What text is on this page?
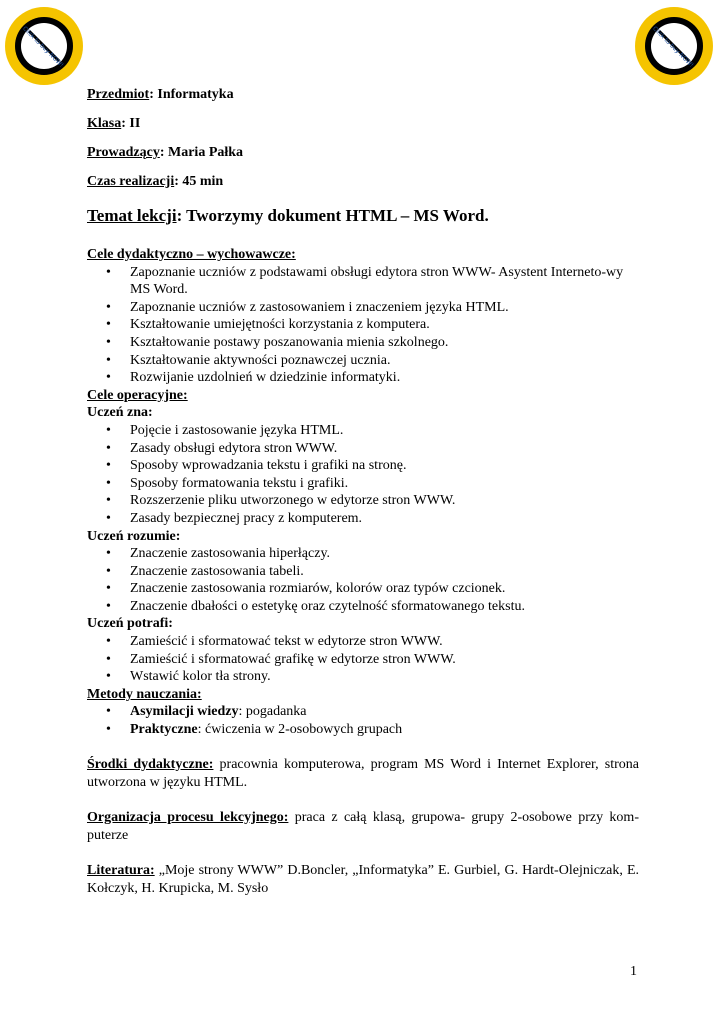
Click to buy NOW!	Click to buy NOW!
Przedmiot: Informatyka
Klasa: II
Prowadzący: Maria Pałka
Czas realizacji: 45 min
Temat lekcji: Tworzymy dokument HTML – MS Word.
Cele dydaktyczno – wychowawcze:
• Zapoznanie uczniów z podstawami obsługi edytora stron WWW- Asystent Interneto-wy MS Word.
• Zapoznanie uczniów z zastosowaniem i znaczeniem języka HTML.
• Kształtowanie umiejętności korzystania z komputera.
• Kształtowanie postawy poszanowania mienia szkolnego.
• Kształtowanie aktywności poznawczej ucznia.
• Rozwijanie uzdolnień w dziedzinie informatyki.
Cele operacyjne:
Uczeń zna:
• Pojęcie i zastosowanie języka HTML.
• Zasady obsługi edytora stron WWW.
• Sposoby wprowadzania tekstu i grafiki na stronę.
• Sposoby formatowania tekstu i grafiki.
• Rozszerzenie pliku utworzonego w edytorze stron WWW.
• Zasady bezpiecznej pracy z komputerem.
Uczeń rozumie:
• Znaczenie zastosowania hiperłączy.
• Znaczenie zastosowania tabeli.
• Znaczenie zastosowania rozmiarów, kolorów oraz typów czcionek.
• Znaczenie dbałości o estetykę oraz czytelność sformatowanego tekstu.
Uczeń potrafi:
• Zamieścić i sformatować tekst w edytorze stron WWW.
• Zamieścić i sformatować grafikę w edytorze stron WWW.
• Wstawić kolor tła strony.
Metody nauczania:
• Asymilacji wiedzy: pogadanka
• Praktyczne: ćwiczenia w 2-osobowych grupach
Środki dydaktyczne: pracownia komputerowa, program MS Word i Internet Explorer, strona utworzona w języku HTML.
Organizacja procesu lekcyjnego: praca z całą klasą, grupowa- grupy 2-osobowe przy kom-puterze
Literatura: „Moje strony WWW” D.Boncler, „Informatyka” E. Gurbiel, G. Hardt-Olejniczak, E. Kołczyk, H. Krupicka, M. Sysło
1
